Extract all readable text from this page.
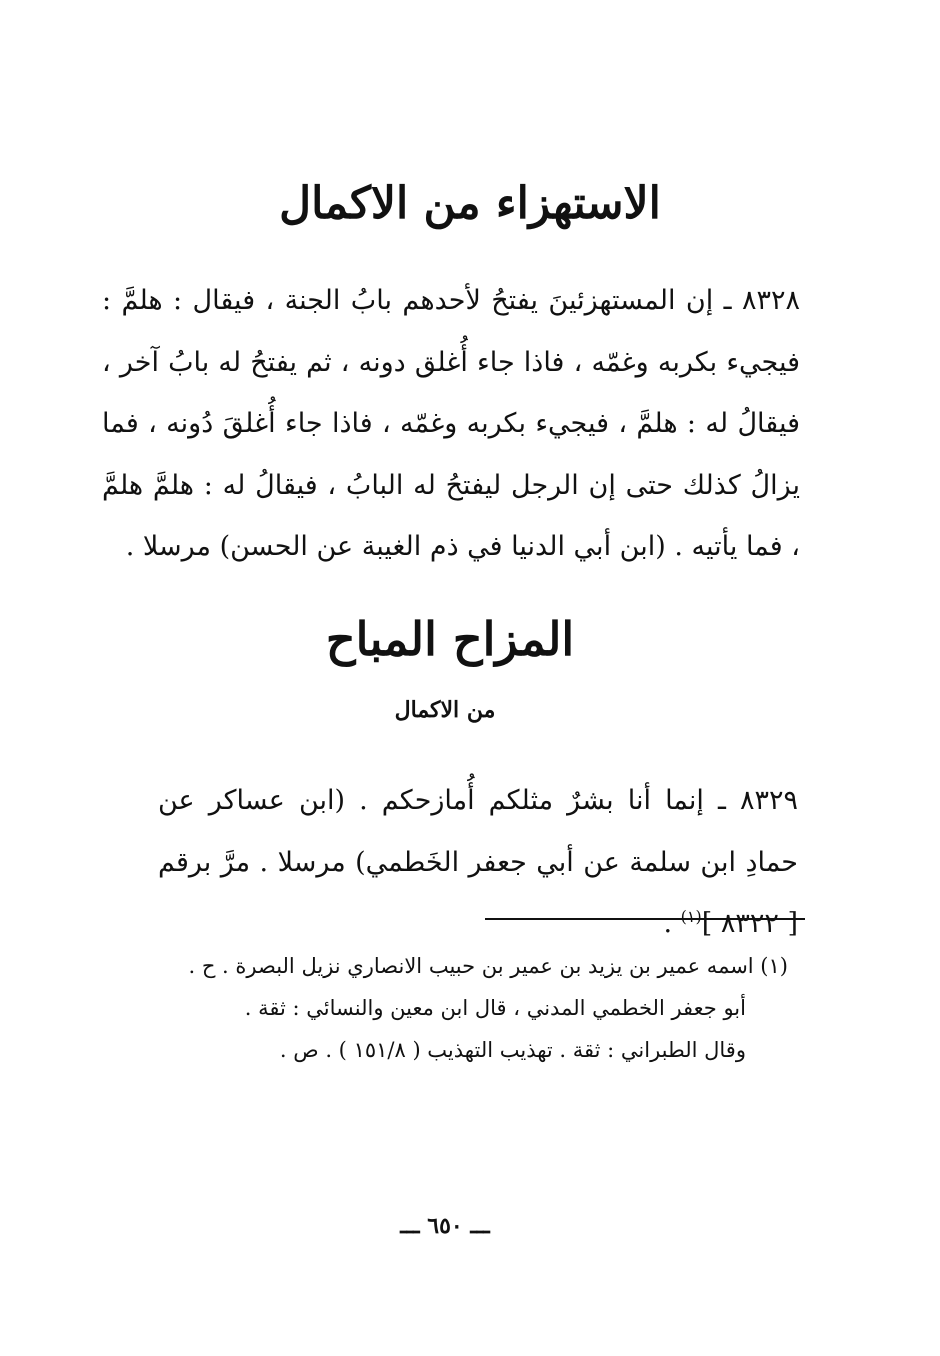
الاستهزاء من الاكمال
٨٣٢٨ ـ إن المستهزئينَ يفتحُ لأحدهم بابُ الجنة ، فيقال : هلمَّ : فيجيء بكربه وغمّه ، فاذا جاء أُغلق دونه ، ثم يفتحُ له بابُ آخر ، فيقالُ له : هلمَّ ، فيجيء بكربه وغمّه ، فاذا جاء أُغلقَ دُونه ، فما يزالُ كذلك حتى إن الرجل ليفتحُ له البابُ ، فيقالُ له : هلمَّ هلمَّ ، فما يأتيه . (ابن أبي الدنيا في ذم الغيبة عن الحسن) مرسلا .
المزاح المباح
من الاكمال
٨٣٢٩ ـ إنما أنا بشرٌ مثلكم أُمازحكم . (ابن عساكر عن حمادِ ابن سلمة عن أبي جعفر الخَطمي) مرسلا . مرَّ برقم [ ٨٣٢٢ ]$^{(١)}$ .
(١) اسمه عمير بن يزيد بن عمير بن حبيب الانصاري نزيل البصرة . ح .
أبو جعفر الخطمي المدني ، قال ابن معين والنسائي : ثقة .
وقال الطبراني : ثقة . تهذيب التهذيب ( ١٥١/٨ ) . ص .
ـــ ٦٥٠ ـــ
